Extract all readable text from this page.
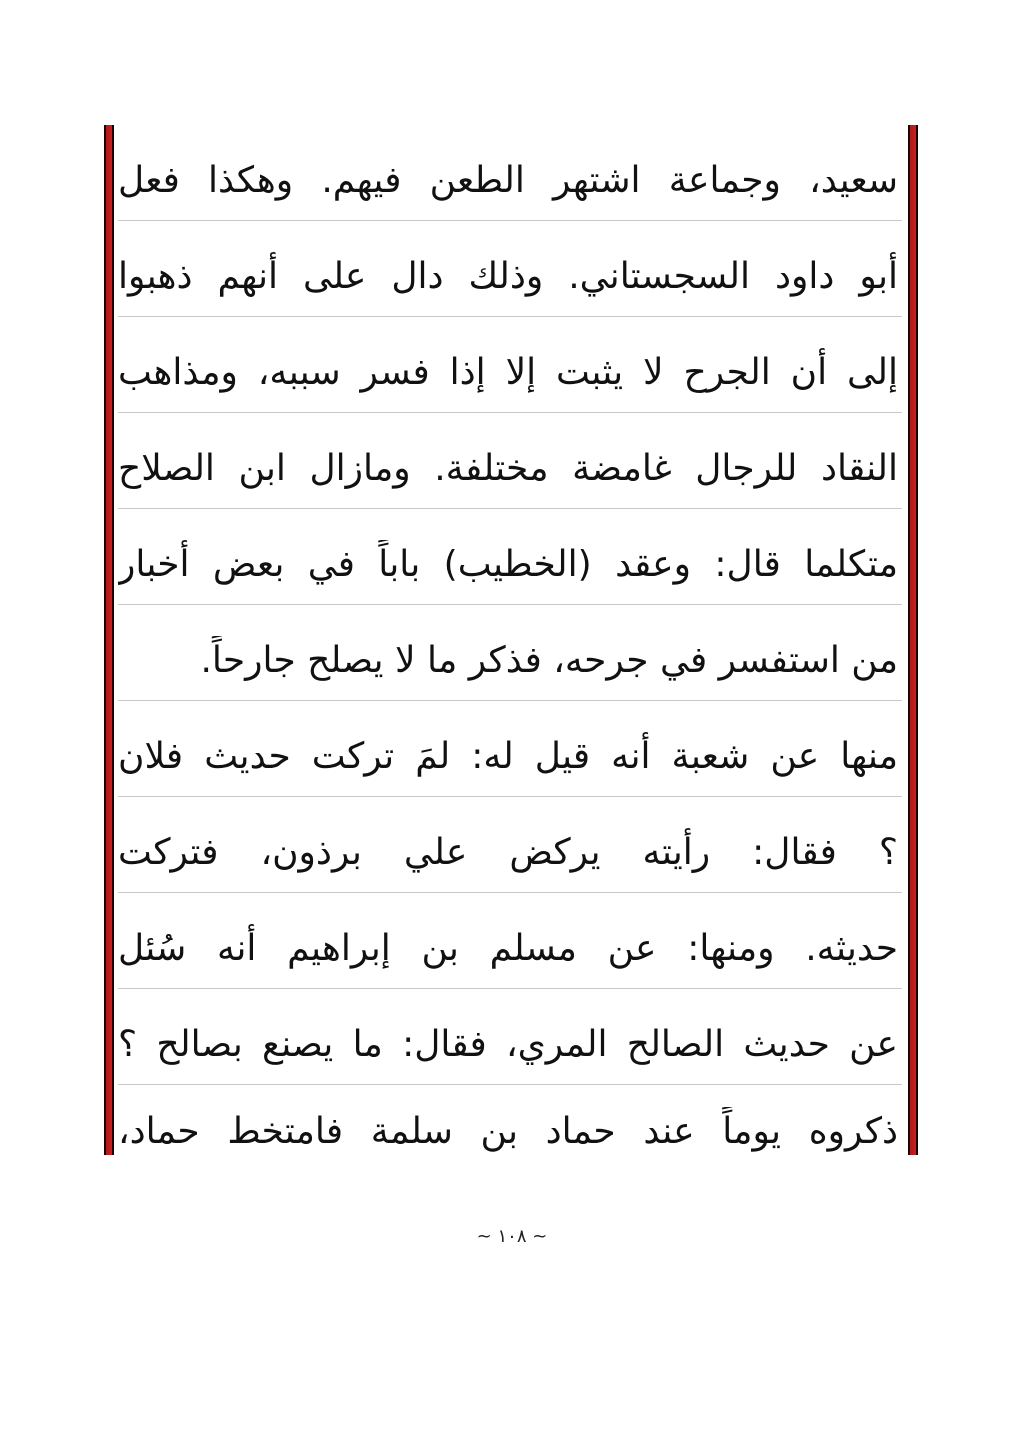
سعيد، وجماعة اشتهر الطعن فيهم. وهكذا فعل
أبو داود السجستاني. وذلك دال على أنهم ذهبوا
إلى أن الجرح لا يثبت إلا إذا فسر سببه، ومذاهب
النقاد للرجال غامضة مختلفة. ومازال ابن الصلاح
متكلما قال: وعقد (الخطيب) باباً في بعض أخبار
من استفسر في جرحه، فذكر ما لا يصلح جارحاً.
منها عن شعبة أنه قيل له: لمَ تركت حديث فلان
؟ فقال: رأيته يركض علي برذون، فتركت
حديثه. ومنها: عن مسلم بن إبراهيم أنه سُئل
عن حديث الصالح المري، فقال: ما يصنع بصالح ؟
ذكروه يوماً عند حماد بن سلمة فامتخط حماد،
~ ١٠٨ ~
